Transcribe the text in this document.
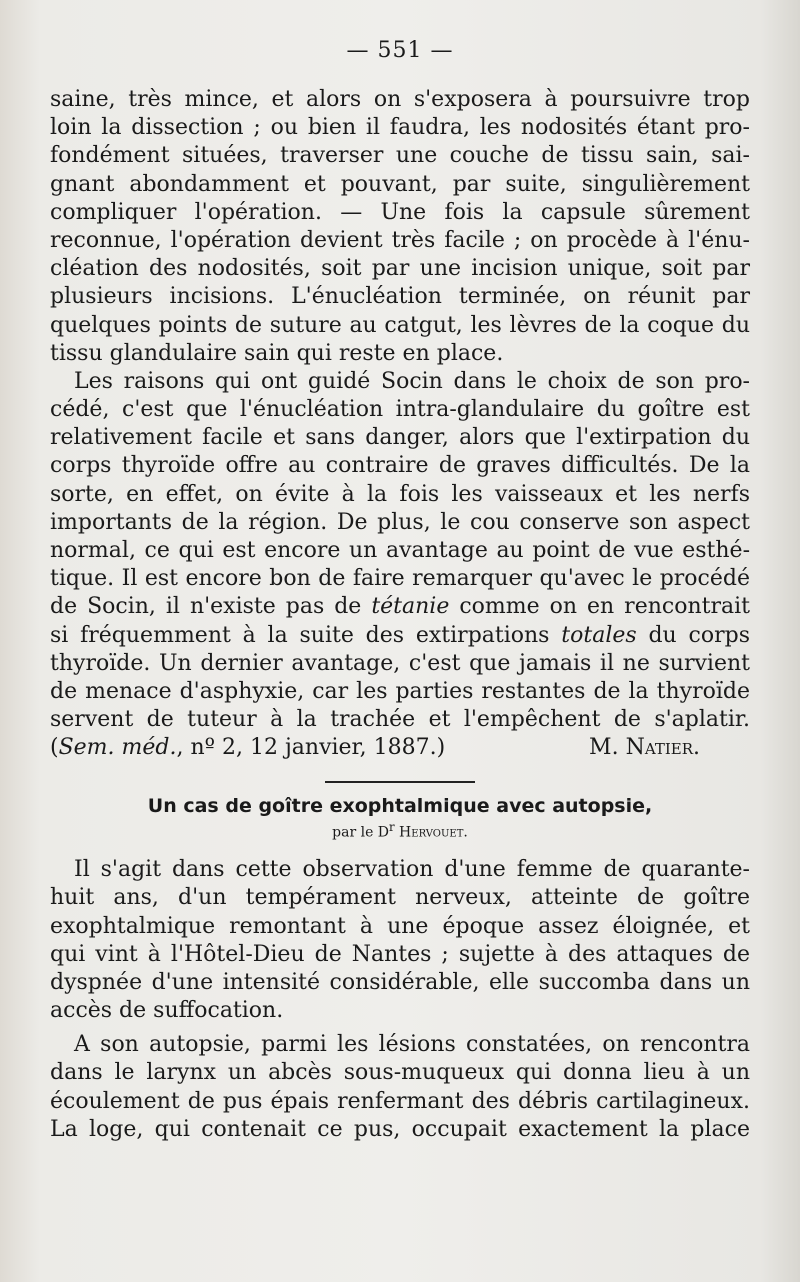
— 551 —
saine, très mince, et alors on s'exposera à poursuivre trop
loin la dissection ; ou bien il faudra, les nodosités étant pro-
fondément situées, traverser une couche de tissu sain, sai-
gnant abondamment et pouvant, par suite, singulièrement
compliquer l'opération. — Une fois la capsule sûrement
reconnue, l'opération devient très facile ; on procède à l'énu-
cléation des nodosités, soit par une incision unique, soit par
plusieurs incisions. L'énucléation terminée, on réunit par
quelques points de suture au catgut, les lèvres de la coque du
tissu glandulaire sain qui reste en place.
Les raisons qui ont guidé Socin dans le choix de son pro-
cédé, c'est que l'énucléation intra-glandulaire du goître est
relativement facile et sans danger, alors que l'extirpation du
corps thyroïde offre au contraire de graves difficultés. De la
sorte, en effet, on évite à la fois les vaisseaux et les nerfs
importants de la région. De plus, le cou conserve son aspect
normal, ce qui est encore un avantage au point de vue esthé-
tique. Il est encore bon de faire remarquer qu'avec le procédé
de Socin, il n'existe pas de tétanie comme on en rencontrait
si fréquemment à la suite des extirpations totales du corps
thyroïde. Un dernier avantage, c'est que jamais il ne survient
de menace d'asphyxie, car les parties restantes de la thyroïde
servent de tuteur à la trachée et l'empêchent de s'aplatir.
(Sem. méd., nº 2, 12 janvier, 1887.)	M. Natier.
Un cas de goître exophtalmique avec autopsie,
par le $D^r$ Hervouet.
Il s'agit dans cette observation d'une femme de quarante-
huit ans, d'un tempérament nerveux, atteinte de goître
exophtalmique remontant à une époque assez éloignée, et
qui vint à l'Hôtel-Dieu de Nantes ; sujette à des attaques de
dyspnée d'une intensité considérable, elle succomba dans un
accès de suffocation.
A son autopsie, parmi les lésions constatées, on rencontra
dans le larynx un abcès sous-muqueux qui donna lieu à un
écoulement de pus épais renfermant des débris cartilagineux.
La loge, qui contenait ce pus, occupait exactement la place
